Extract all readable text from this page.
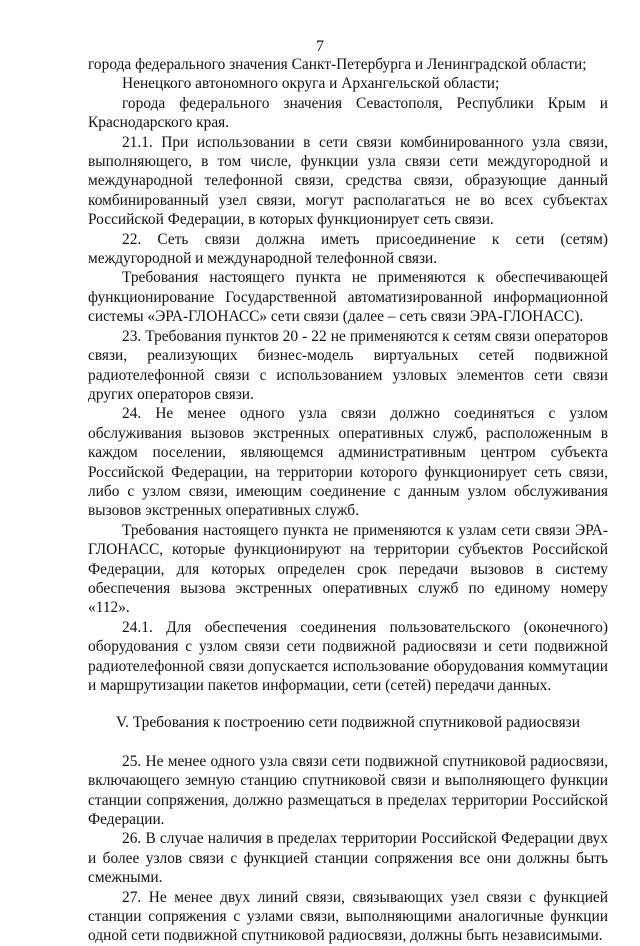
7

города федерального значения Санкт-Петербурга и Ленинградской области;

Ненецкого автономного округа и Архангельской области;

города федерального значения Севастополя, Республики Крым и Краснодарского края.

21.1. При использовании в сети связи комбинированного узла связи, выполняющего, в том числе, функции узла связи сети междугородной и международной телефонной связи, средства связи, образующие данный комбинированный узел связи, могут располагаться не во всех субъектах Российской Федерации, в которых функционирует сеть связи.

22. Сеть связи должна иметь присоединение к сети (сетям) междугородной и международной телефонной связи.

Требования настоящего пункта не применяются к обеспечивающей функционирование Государственной автоматизированной информационной системы «ЭРА-ГЛОНАСС» сети связи (далее – сеть связи ЭРА-ГЛОНАСС).

23. Требования пунктов 20 - 22 не применяются к сетям связи операторов связи, реализующих бизнес-модель виртуальных сетей подвижной радиотелефонной связи с использованием узловых элементов сети связи других операторов связи.

24. Не менее одного узла связи должно соединяться с узлом обслуживания вызовов экстренных оперативных служб, расположенным в каждом поселении, являющемся административным центром субъекта Российской Федерации, на территории которого функционирует сеть связи, либо с узлом связи, имеющим соединение с данным узлом обслуживания вызовов экстренных оперативных служб.

Требования настоящего пункта не применяются к узлам сети связи ЭРА-ГЛОНАСС, которые функционируют на территории субъектов Российской Федерации, для которых определен срок передачи вызовов в систему обеспечения вызова экстренных оперативных служб по единому номеру «112».

24.1. Для обеспечения соединения пользовательского (оконечного) оборудования с узлом связи сети подвижной радиосвязи и сети подвижной радиотелефонной связи допускается использование оборудования коммутации и маршрутизации пакетов информации, сети (сетей) передачи данных.

V. Требования к построению сети подвижной спутниковой радиосвязи

25. Не менее одного узла связи сети подвижной спутниковой радиосвязи, включающего земную станцию спутниковой связи и выполняющего функции станции сопряжения, должно размещаться в пределах территории Российской Федерации.

26. В случае наличия в пределах территории Российской Федерации двух и более узлов связи с функцией станции сопряжения все они должны быть смежными.

27. Не менее двух линий связи, связывающих узел связи с функцией станции сопряжения с узлами связи, выполняющими аналогичные функции одной сети подвижной спутниковой радиосвязи, должны быть независимыми.
